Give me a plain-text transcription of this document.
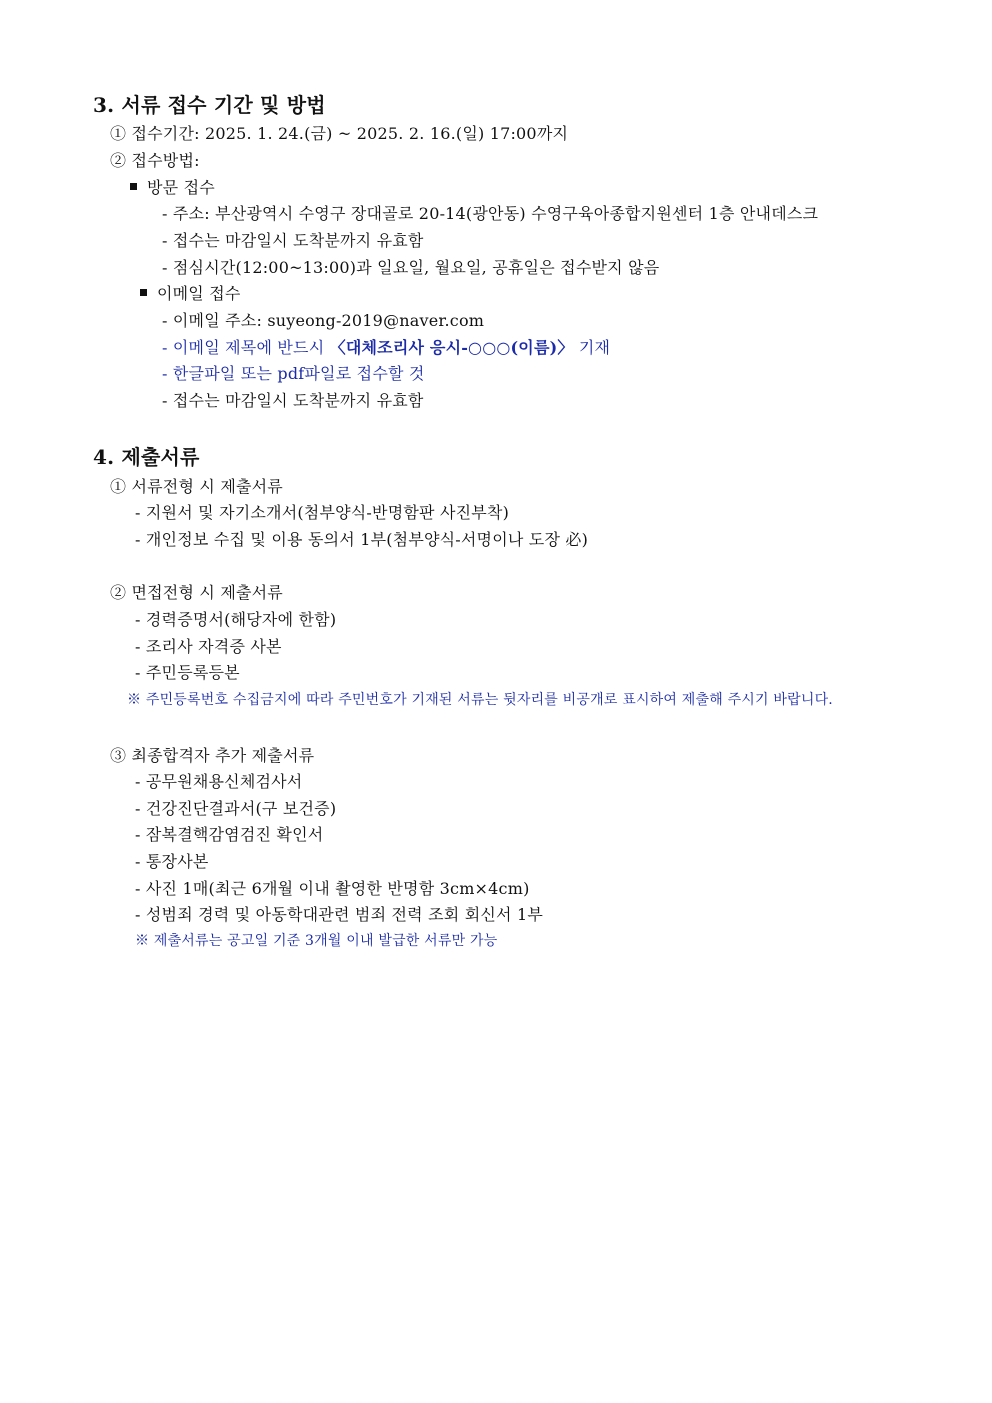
3. 서류 접수 기간 및 방법
① 접수기간: 2025. 1. 24.(금) ~ 2025. 2. 16.(일) 17:00까지
② 접수방법:
방문 접수
- 주소: 부산광역시 수영구 장대골로 20-14(광안동) 수영구육아종합지원센터 1층 안내데스크
- 접수는 마감일시 도착분까지 유효함
- 점심시간(12:00~13:00)과 일요일, 월요일, 공휴일은 접수받지 않음
이메일 접수
- 이메일 주소: suyeong-2019@naver.com
- 이메일 제목에 반드시 〈대체조리사 응시-○○○(이름)〉 기재
- 한글파일 또는 pdf파일로 접수할 것
- 접수는 마감일시 도착분까지 유효함
4. 제출서류
① 서류전형 시 제출서류
- 지원서 및 자기소개서(첨부양식-반명함판 사진부착)
- 개인정보 수집 및 이용 동의서 1부(첨부양식-서명이나 도장 必)
② 면접전형 시 제출서류
- 경력증명서(해당자에 한함)
- 조리사 자격증 사본
- 주민등록등본
※ 주민등록번호 수집금지에 따라 주민번호가 기재된 서류는 뒷자리를 비공개로 표시하여 제출해 주시기 바랍니다.
③ 최종합격자 추가 제출서류
- 공무원채용신체검사서
- 건강진단결과서(구 보건증)
- 잠복결핵감염검진 확인서
- 통장사본
- 사진 1매(최근 6개월 이내 촬영한 반명함 3cm×4cm)
- 성범죄 경력 및 아동학대관련 범죄 전력 조회 회신서 1부
※ 제출서류는 공고일 기준 3개월 이내 발급한 서류만 가능
